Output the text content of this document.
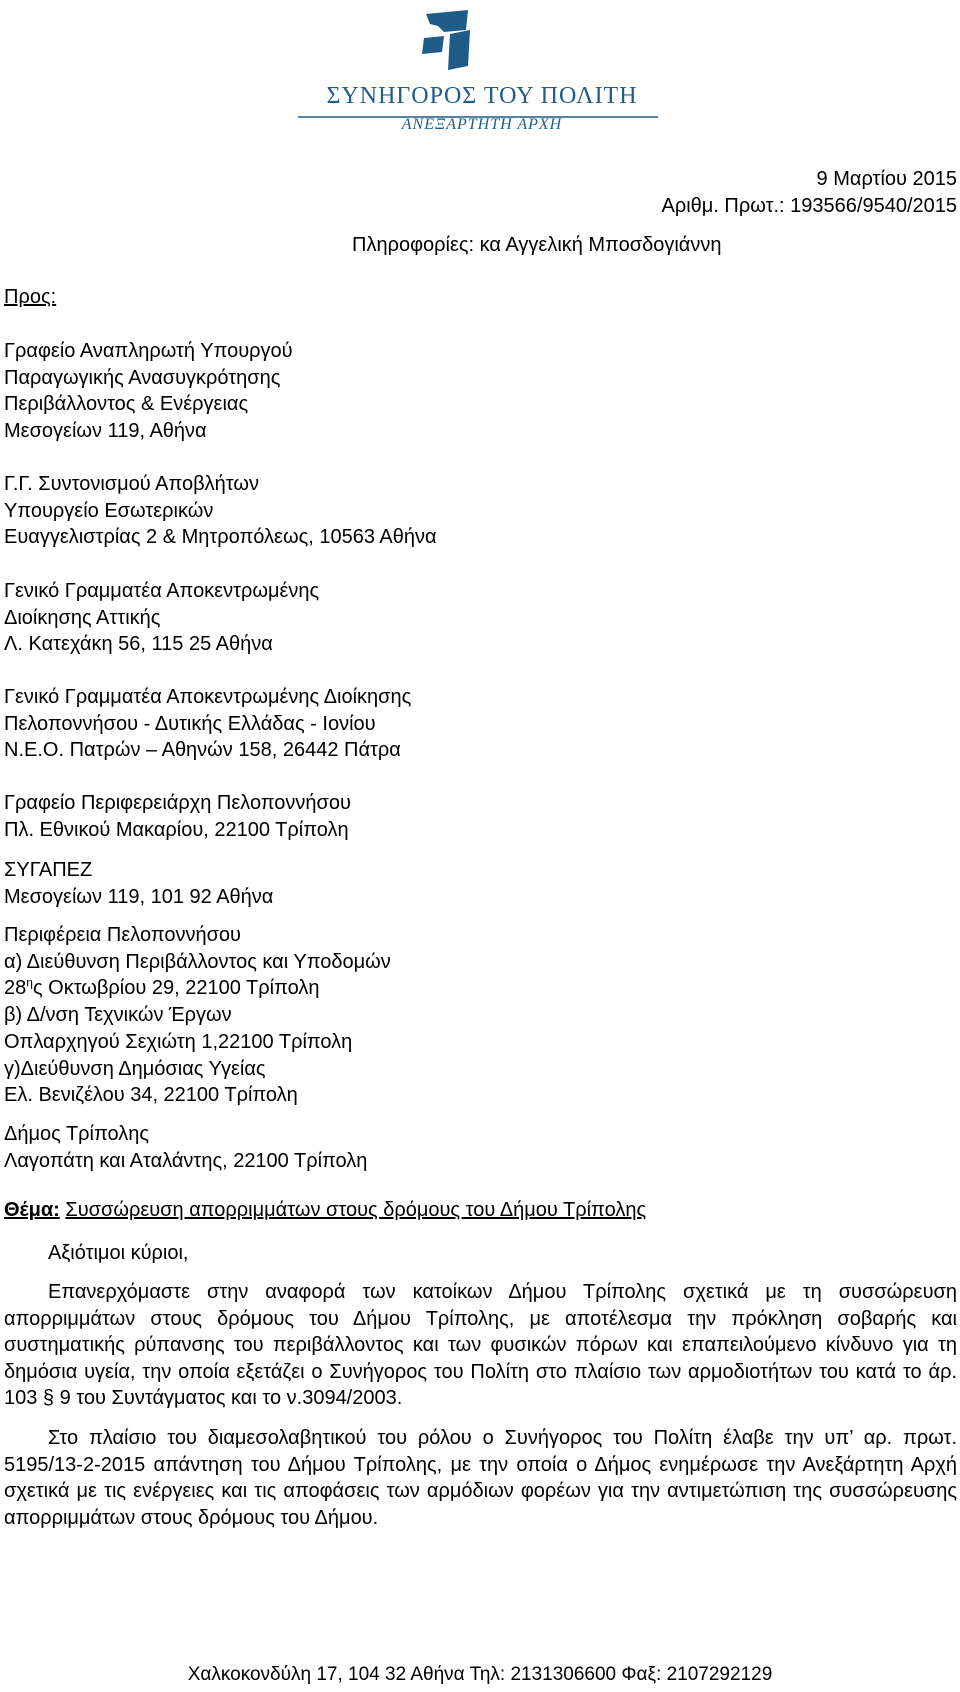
ΣΥΝΗΓΟΡΟΣ ΤΟΥ ΠΟΛΙΤΗ
ΑΝΕΞΑΡΤΗΤΗ ΑΡΧΗ
9 Μαρτίου 2015
Αριθμ. Πρωτ.: 193566/9540/2015
Πληροφορίες: κα Αγγελική Μποσδογιάννη
Προς:
Γραφείο Αναπληρωτή Υπουργού
Παραγωγικής Ανασυγκρότησης
Περιβάλλοντος & Ενέργειας
Μεσογείων 119, Αθήνα
Γ.Γ. Συντονισμού Αποβλήτων
Υπουργείο Εσωτερικών
Ευαγγελιστρίας 2 & Μητροπόλεως, 10563 Αθήνα
Γενικό Γραμματέα Αποκεντρωμένης
Διοίκησης Αττικής
Λ. Κατεχάκη 56, 115 25 Αθήνα
Γενικό Γραμματέα Αποκεντρωμένης Διοίκησης
Πελοποννήσου - Δυτικής Ελλάδας - Ιονίου
Ν.Ε.Ο. Πατρών – Αθηνών 158, 26442 Πάτρα
Γραφείο Περιφερειάρχη Πελοποννήσου
Πλ. Εθνικού Μακαρίου, 22100 Τρίπολη
ΣΥΓΑΠΕΖ
Μεσογείων 119, 101 92 Αθήνα
Περιφέρεια Πελοποννήσου
α) Διεύθυνση Περιβάλλοντος και Υποδομών
$28^\eta\varsigma$ Οκτωβρίου 29, 22100 Τρίπολη
β) Δ/νση Τεχνικών Έργων
Οπλαρχηγού Σεχιώτη 1,22100 Τρίπολη
γ)Διεύθυνση Δημόσιας Υγείας
Ελ. Βενιζέλου 34, 22100 Τρίπολη
Δήμος Τρίπολης
Λαγοπάτη και Αταλάντης, 22100 Τρίπολη
Θέμα: Συσσώρευση απορριμμάτων στους δρόμους του Δήμου Τρίπολης
Αξιότιμοι κύριοι,

Επανερχόμαστε στην αναφορά των κατοίκων Δήμου Τρίπολης σχετικά με τη συσσώρευση απορριμμάτων στους δρόμους του Δήμου Τρίπολης, με αποτέλεσμα την πρόκληση σοβαρής και συστηματικής ρύπανσης του περιβάλλοντος και των φυσικών πόρων και επαπειλούμενο κίνδυνο για τη δημόσια υγεία, την οποία εξετάζει ο Συνήγορος του Πολίτη στο πλαίσιο των αρμοδιοτήτων του κατά το άρ. 103 § 9 του Συντάγματος και το ν.3094/2003.

Στο πλαίσιο του διαμεσολαβητικού του ρόλου ο Συνήγορος του Πολίτη έλαβε την υπ’ αρ. πρωτ. 5195/13-2-2015 απάντηση του Δήμου Τρίπολης, με την οποία ο Δήμος ενημέρωσε την Ανεξάρτητη Αρχή σχετικά με τις ενέργειες και τις αποφάσεις των αρμόδιων φορέων για την αντιμετώπιση της συσσώρευσης απορριμμάτων στους δρόμους του Δήμου.

Χαλκοκονδύλη 17, 104 32 Αθήνα Τηλ: 2131306600 Φαξ: 2107292129
